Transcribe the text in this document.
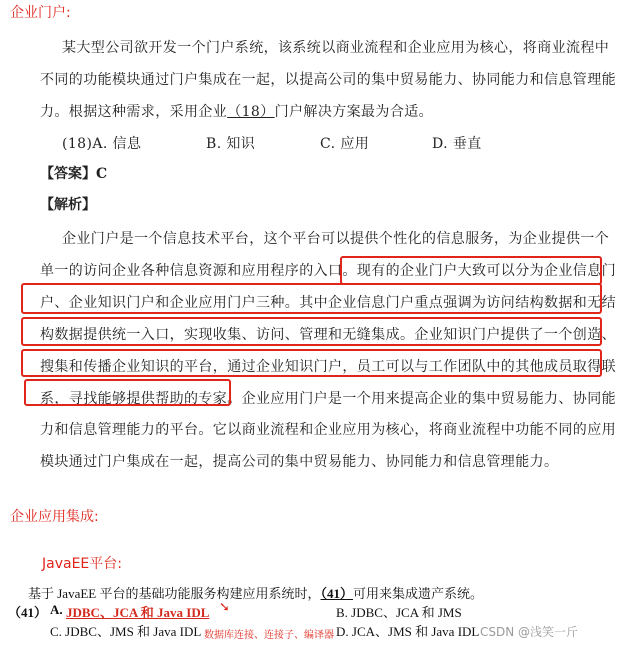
企业门户:
某大型公司欲开发一个门户系统，该系统以商业流程和企业应用为核心，将商业流程中
不同的功能模块通过门户集成在一起，以提高公司的集中贸易能力、协同能力和信息管理能
力。根据这种需求，采用企业（18）门户解决方案最为合适。
(18)A. 信息	B. 知识	C. 应用	D. 垂直
【答案】C
【解析】
企业门户是一个信息技术平台，这个平台可以提供个性化的信息服务，为企业提供一个
单一的访问企业各种信息资源和应用程序的入口。现有的企业门户大致可以分为企业信息门
户、企业知识门户和企业应用门户三种。其中企业信息门户重点强调为访问结构数据和无结
构数据提供统一入口，实现收集、访问、管理和无缝集成。企业知识门户提供了一个创造、
搜集和传播企业知识的平台，通过企业知识门户，员工可以与工作团队中的其他成员取得联
系，寻找能够提供帮助的专家。企业应用门户是一个用来提高企业的集中贸易能力、协同能
力和信息管理能力的平台。它以商业流程和企业应用为核心，将商业流程中功能不同的应用
模块通过门户集成在一起，提高公司的集中贸易能力、协同能力和信息管理能力。
企业应用集成:
JavaEE平台:
基于 JavaEE 平台的基础功能服务构建应用系统时，（41）可用来集成遗产系统。
（41） A. JDBC、JCA 和 Java IDL ➘	B. JDBC、JCA 和 JMS
C. JDBC、JMS 和 Java IDL 数据库连接、连接子、编译器 D. JCA、JMS 和 Java IDL CSDN @浅笑一斤
